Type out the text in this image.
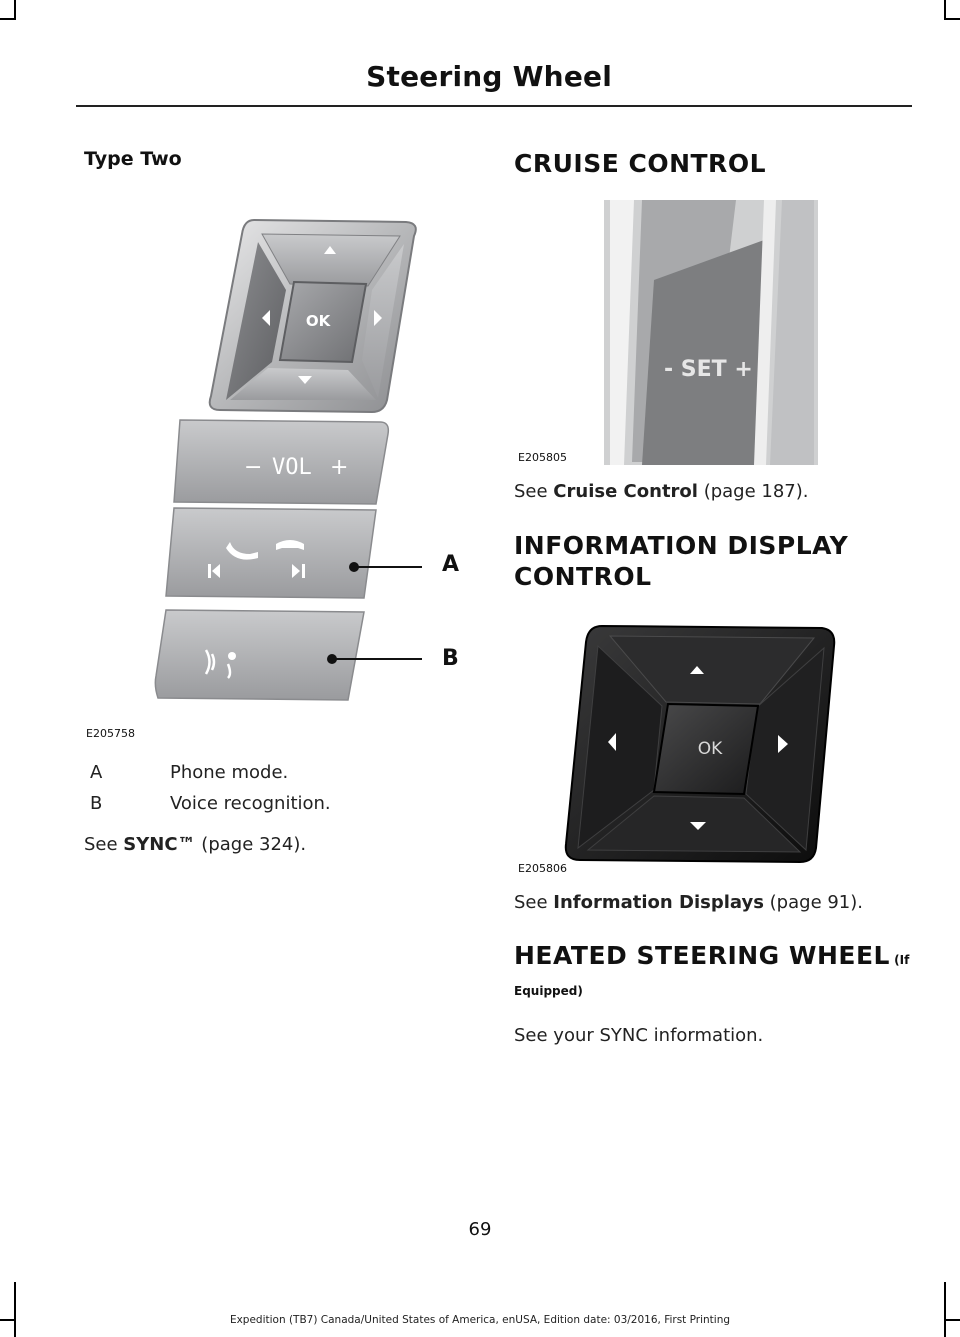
Steering Wheel
Type Two
OK
− VOL +
A
B
E205758
A	Phone mode.
B	Voice recognition.
See SYNC™ (page 324).
CRUISE CONTROL
- SET +
E205805
See Cruise Control (page 187).
INFORMATION DISPLAY
CONTROL
OK
E205806
See Information Displays (page 91).
HEATED STEERING WHEEL (If
Equipped)
See your SYNC information.
69
Expedition (TB7) Canada/United States of America, enUSA, Edition date: 03/2016, First Printing
